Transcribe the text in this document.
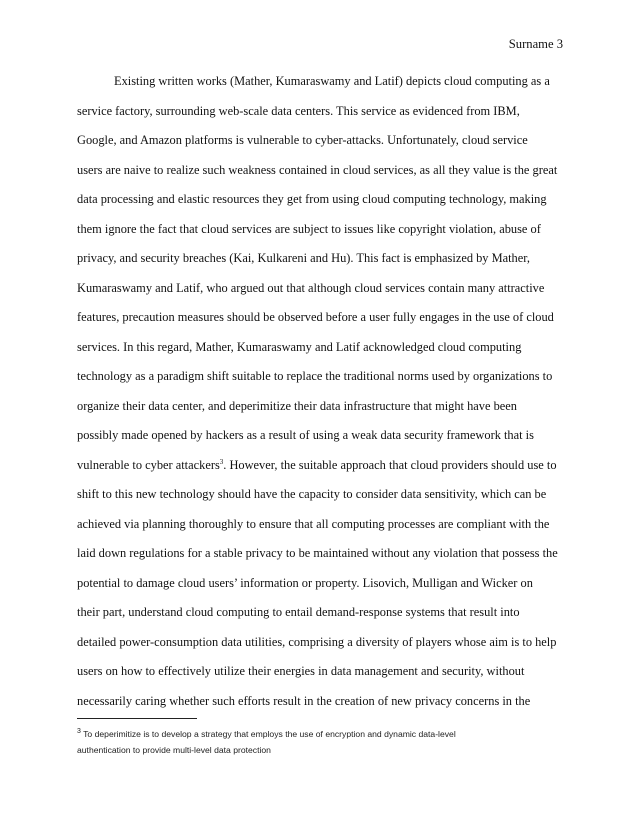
Surname 3
Existing written works (Mather, Kumaraswamy and Latif) depicts cloud computing as a
service factory, surrounding web-scale data centers. This service as evidenced from IBM,
Google, and Amazon platforms is vulnerable to cyber-attacks. Unfortunately, cloud service
users are naive to realize such weakness contained in cloud services, as all they value is the great
data processing and elastic resources they get from using cloud computing technology, making
them ignore the fact that cloud services are subject to issues like copyright violation, abuse of
privacy, and security breaches (Kai, Kulkareni and Hu). This fact is emphasized by Mather,
Kumaraswamy and Latif, who argued out that although cloud services contain many attractive
features, precaution measures should be observed before a user fully engages in the use of cloud
services. In this regard, Mather, Kumaraswamy and Latif acknowledged cloud computing
technology as a paradigm shift suitable to replace the traditional norms used by organizations to
organize their data center, and deperimitize their data infrastructure that might have been
possibly made opened by hackers as a result of using a weak data security framework that is
vulnerable to cyber attackers$^3$. However, the suitable approach that cloud providers should use to
shift to this new technology should have the capacity to consider data sensitivity, which can be
achieved via planning thoroughly to ensure that all computing processes are compliant with the
laid down regulations for a stable privacy to be maintained without any violation that possess the
potential to damage cloud users’ information or property. Lisovich, Mulligan and Wicker on
their part, understand cloud computing to entail demand-response systems that result into
detailed power-consumption data utilities, comprising a diversity of players whose aim is to help
users on how to effectively utilize their energies in data management and security, without
necessarily caring whether such efforts result in the creation of new privacy concerns in the
$^3$ To deperimitize is to develop a strategy that employs the use of encryption and dynamic data-level
authentication to provide multi-level data protection
